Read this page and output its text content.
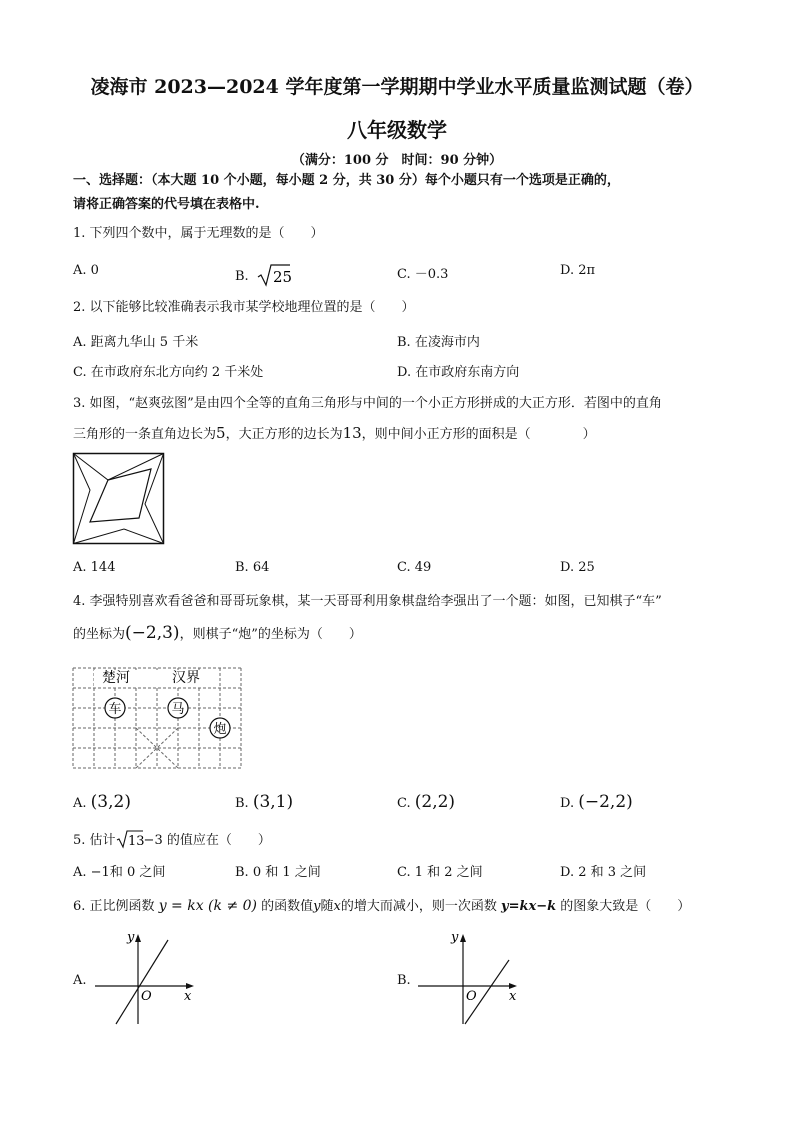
凌海市 2023—2024 学年度第一学期期中学业水平质量监测试题（卷）
八年级数学
（满分：100 分　时间：90 分钟）
一、选择题：（本大题 10 个小题，每小题 2 分，共 30 分）每个小题只有一个选项是正确的，
请将正确答案的代号填在表格中.
1. 下列四个数中，属于无理数的是（　　）
A. 0	B. 25	C. －0.3	D. 2π
2. 以下能够比较准确表示我市某学校地理位置的是（　　）
A. 距离九华山 5 千米	B. 在凌海市内
C. 在市政府东北方向约 2 千米处	D. 在市政府东南方向
3. 如图，“赵爽弦图”是由四个全等的直角三角形与中间的一个小正方形拼成的大正方形．若图中的直角
三角形的一条直角边长为5，大正方形的边长为13，则中间小正方形的面积是（　　　　）
A. 144	B. 64	C. 49	D. 25
4. 李强特别喜欢看爸爸和哥哥玩象棋，某一天哥哥利用象棋盘给李强出了一个题：如图，已知棋子“车”
的坐标为(−2,3)，则棋子“炮”的坐标为（　　）
楚河	汉界
车	马
炮
A. (3,2)	B. (3,1)	C. (2,2)	D. (−2,2)
5. 估计 13 −3 的值应在（　　）
A. −1和 0 之间	B. 0 和 1 之间	C. 1 和 2 之间	D. 2 和 3 之间
6. 正比例函数 y = kx (k ≠ 0) 的函数值y随x的增大而减小，则一次函数 y=kx−k 的图象大致是（　　）
A.
x
y
O
B.
x
y
O
